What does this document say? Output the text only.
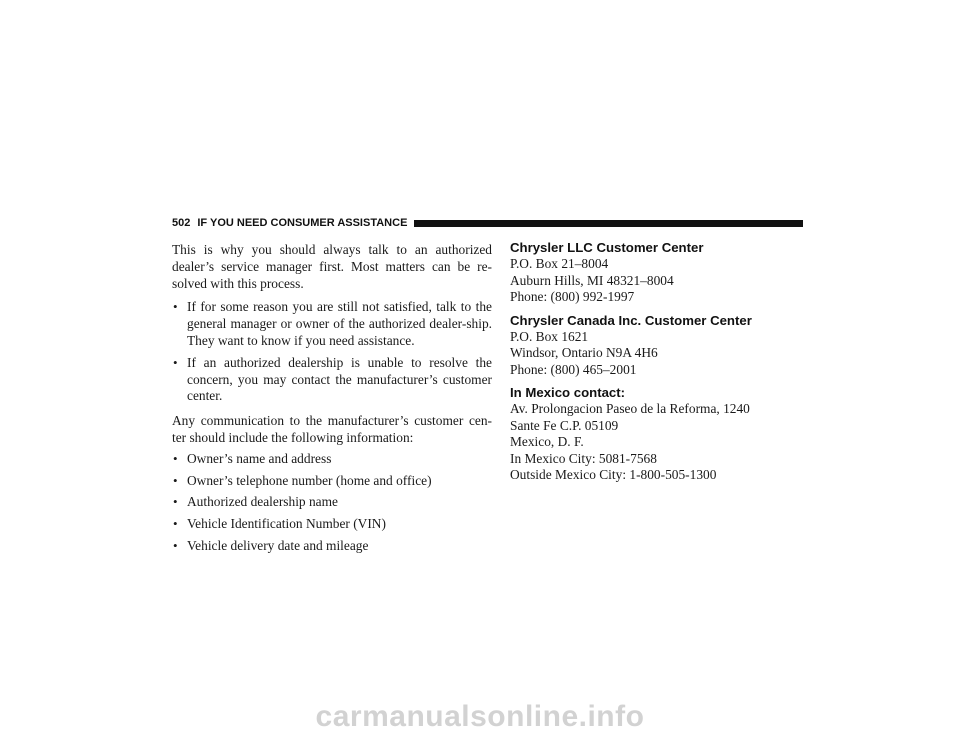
502 IF YOU NEED CONSUMER ASSISTANCE

This is why you should always talk to an authorized dealer’s service manager first. Most matters can be re-solved with this process.

• If for some reason you are still not satisfied, talk to the general manager or owner of the authorized dealer-ship. They want to know if you need assistance.
• If an authorized dealership is unable to resolve the concern, you may contact the manufacturer’s customer center.

Any communication to the manufacturer’s customer cen-ter should include the following information:

• Owner’s name and address
• Owner’s telephone number (home and office)
• Authorized dealership name
• Vehicle Identification Number (VIN)
• Vehicle delivery date and mileage
Chrysler LLC Customer Center
P.O. Box 21–8004
Auburn Hills, MI 48321–8004
Phone: (800) 992-1997
Chrysler Canada Inc. Customer Center
P.O. Box 1621
Windsor, Ontario N9A 4H6
Phone: (800) 465–2001
In Mexico contact:
Av. Prolongacion Paseo de la Reforma, 1240
Sante Fe C.P. 05109
Mexico, D. F.
In Mexico City: 5081-7568
Outside Mexico City: 1-800-505-1300
carmanualsonline.info
